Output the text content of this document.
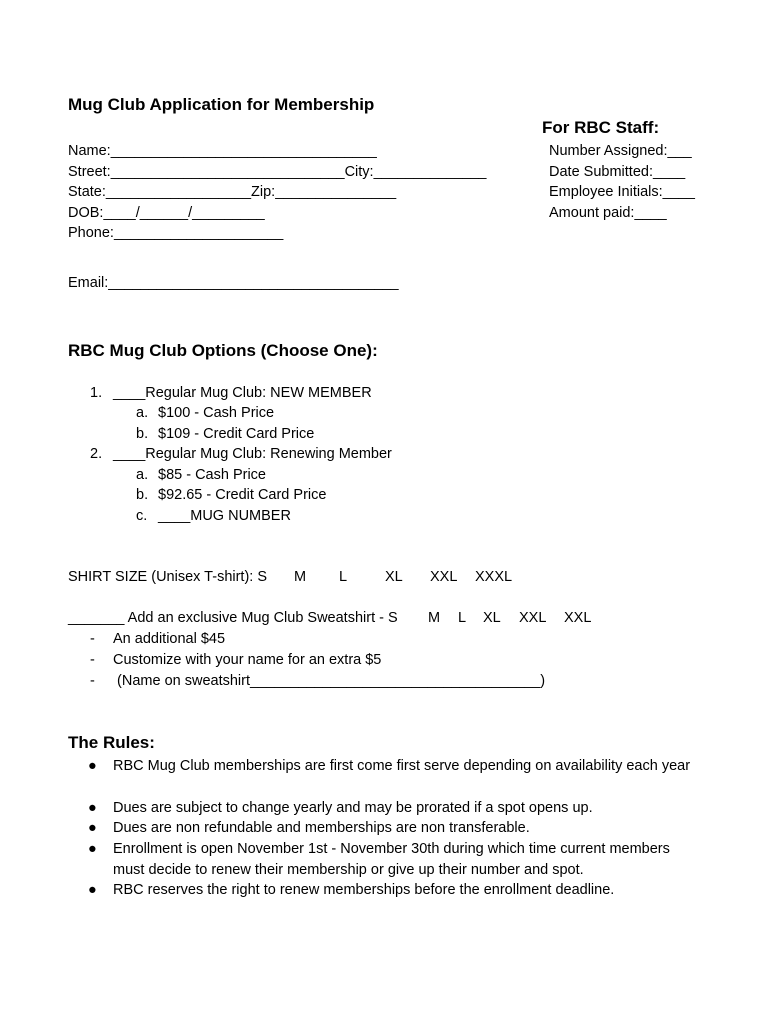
Mug Club Application for Membership
For RBC Staff:
Number Assigned:___
Date Submitted:____
Employee Initials:____
Amount paid:____
Name:_________________________________
Street:_____________________________City:______________
State:__________________Zip:_______________
DOB:____/______/_________
Phone:_____________________
Email:____________________________________
RBC Mug Club Options (Choose One):
1. ____Regular Mug Club: NEW MEMBER
a. $100 - Cash Price
b. $109 - Credit Card Price
2. ____Regular Mug Club: Renewing Member
a. $85 - Cash Price
b. $92.65 - Credit Card Price
c. ____MUG NUMBER
SHIRT SIZE (Unisex T-shirt): S M L	XL XXL XXXL
_______ Add an exclusive Mug Club Sweatshirt - S M L XL XXL XXL
- An additional $45
- Customize with your name for an extra $5
- (Name on sweatshirt____________________________________)
The Rules:
● RBC Mug Club memberships are first come first serve depending on availability each year
● Dues are subject to change yearly and may be prorated if a spot opens up.
● Dues are non refundable and memberships are non transferable.
● Enrollment is open November 1st - November 30th during which time current members must decide to renew their membership or give up their number and spot.
● RBC reserves the right to renew memberships before the enrollment deadline.
